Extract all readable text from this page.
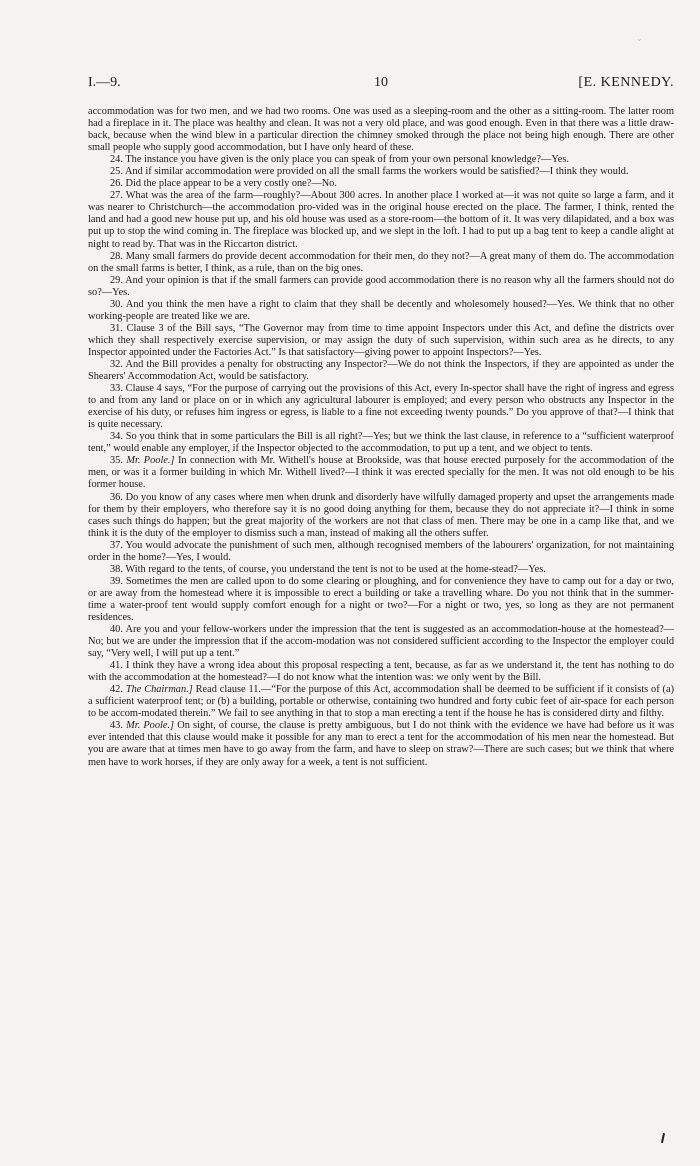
⌄
I.—9.	10	[E. KENNEDY.

accommodation was for two men, and we had two rooms. One was used as a sleeping-room and the other as a sitting-room. The latter room had a fireplace in it. The place was healthy and clean. It was not a very old place, and was good enough. Even in that there was a little draw-back, because when the wind blew in a particular direction the chimney smoked through the place not being high enough. There are other small people who supply good accommodation, but I have only heard of these.

24. The instance you have given is the only place you can speak of from your own personal knowledge?—Yes.

25. And if similar accommodation were provided on all the small farms the workers would be satisfied?—I think they would.

26. Did the place appear to be a very costly one?—No.

27. What was the area of the farm—roughly?—About 300 acres. In another place I worked at—it was not quite so large a farm, and it was nearer to Christchurch—the accommodation pro-vided was in the original house erected on the place. The farmer, I think, rented the land and had a good new house put up, and his old house was used as a store-room—the bottom of it. It was very dilapidated, and a box was put up to stop the wind coming in. The fireplace was blocked up, and we slept in the loft. I had to put up a bag tent to keep a candle alight at night to read by. That was in the Riccarton district.

28. Many small farmers do provide decent accommodation for their men, do they not?—A great many of them do. The accommodation on the small farms is better, I think, as a rule, than on the big ones.

29. And your opinion is that if the small farmers can provide good accommodation there is no reason why all the farmers should not do so?—Yes.

30. And you think the men have a right to claim that they shall be decently and wholesomely housed?—Yes. We think that no other working-people are treated like we are.

31. Clause 3 of the Bill says, “The Governor may from time to time appoint Inspectors under this Act, and define the districts over which they shall respectively exercise supervision, or may assign the duty of such supervision, within such area as he directs, to any Inspector appointed under the Factories Act.” Is that satisfactory—giving power to appoint Inspectors?—Yes.

32. And the Bill provides a penalty for obstructing any Inspector?—We do not think the Inspectors, if they are appointed as under the Shearers' Accommodation Act, would be satisfactory.

33. Clause 4 says, “For the purpose of carrying out the provisions of this Act, every In-spector shall have the right of ingress and egress to and from any land or place on or in which any agricultural labourer is employed; and every person who obstructs any Inspector in the exercise of his duty, or refuses him ingress or egress, is liable to a fine not exceeding twenty pounds.” Do you approve of that?—I think that is quite necessary.

34. So you think that in some particulars the Bill is all right?—Yes; but we think the last clause, in reference to a “sufficient waterproof tent,” would enable any employer, if the Inspector objected to the accommodation, to put up a tent, and we object to tents.

35. Mr. Poole.] In connection with Mr. Withell's house at Brookside, was that house erected purposely for the accommodation of the men, or was it a former building in which Mr. Withell lived?—I think it was erected specially for the men. It was not old enough to be his former house.

36. Do you know of any cases where men when drunk and disorderly have wilfully damaged property and upset the arrangements made for them by their employers, who therefore say it is no good doing anything for them, because they do not appreciate it?—I think in some cases such things do happen; but the great majority of the workers are not that class of men. There may be one in a camp like that, and we think it is the duty of the employer to dismiss such a man, instead of making all the others suffer.

37. You would advocate the punishment of such men, although recognised members of the labourers' organization, for not maintaining order in the home?—Yes, I would.

38. With regard to the tents, of course, you understand the tent is not to be used at the home-stead?—Yes.

39. Sometimes the men are called upon to do some clearing or ploughing, and for convenience they have to camp out for a day or two, or are away from the homestead where it is impossible to erect a building or take a travelling whare. Do you not think that in the summer-time a water-proof tent would supply comfort enough for a night or two?—For a night or two, yes, so long as they are not permanent residences.

40. Are you and your fellow-workers under the impression that the tent is suggested as an accommodation-house at the homestead?—No; but we are under the impression that if the accom-modation was not considered sufficient according to the Inspector the employer could say, “Very well, I will put up a tent.”

41. I think they have a wrong idea about this proposal respecting a tent, because, as far as we understand it, the tent has nothing to do with the accommodation at the homestead?—I do not know what the intention was: we only went by the Bill.

42. The Chairman.] Read clause 11.—“For the purpose of this Act, accommodation shall be deemed to be sufficient if it consists of (a) a sufficient waterproof tent; or (b) a building, portable or otherwise, containing two hundred and forty cubic feet of air-space for each person to be accom-modated therein.” We fail to see anything in that to stop a man erecting a tent if the house he has is considered dirty and filthy.

43. Mr. Poole.] On sight, of course, the clause is pretty ambiguous, but I do not think with the evidence we have had before us it was ever intended that this clause would make it possible for any man to erect a tent for the accommodation of his men near the homestead. But you are aware that at times men have to go away from the farm, and have to sleep on straw?—There are such cases; but we think that where men have to work horses, if they are only away for a week, a tent is not sufficient.
